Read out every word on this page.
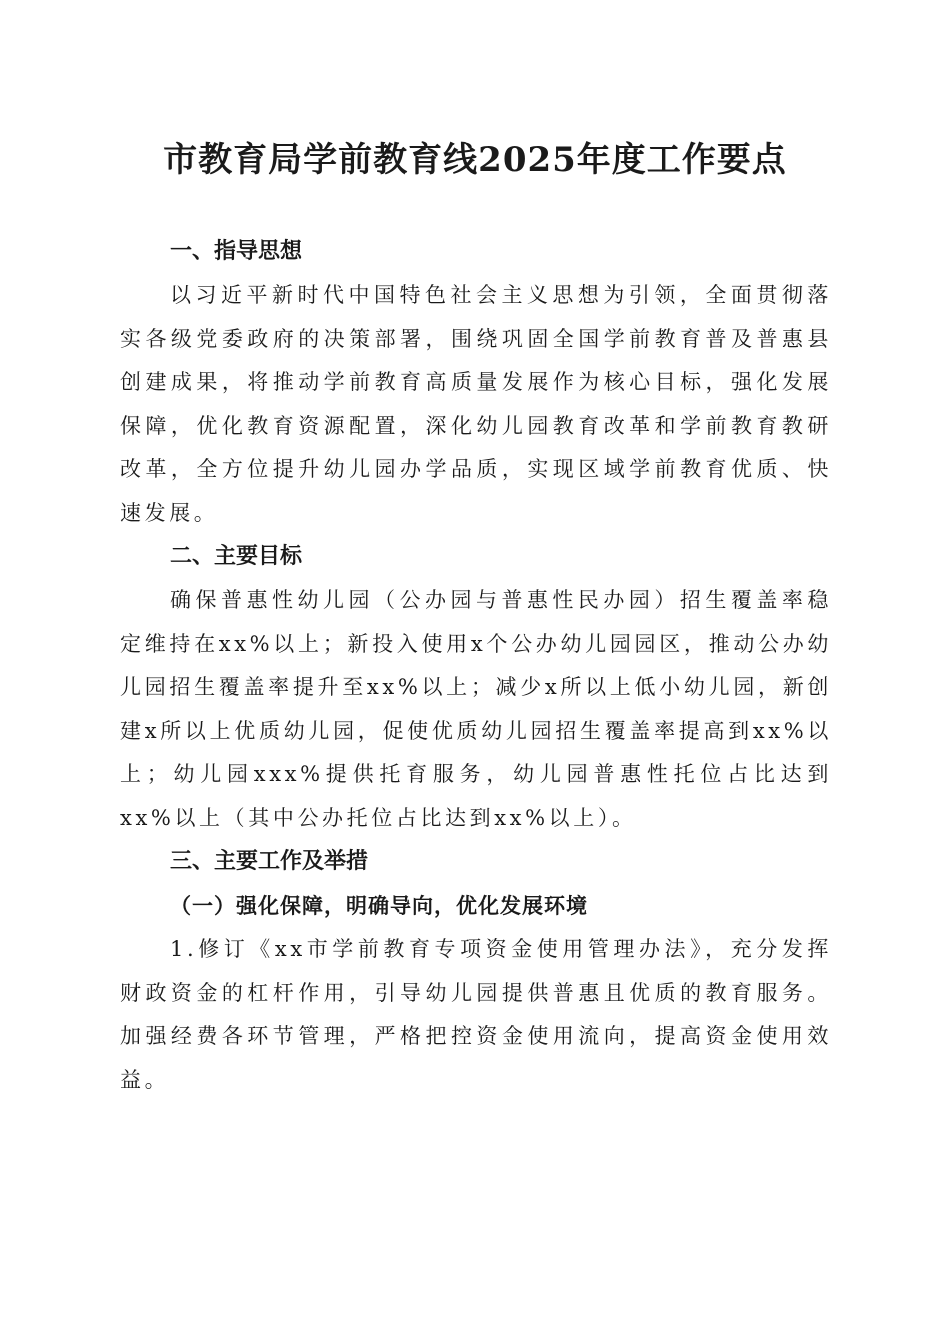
市教育局学前教育线2025年度工作要点
一、指导思想

以习近平新时代中国特色社会主义思想为引领，全面贯彻落实各级党委政府的决策部署，围绕巩固全国学前教育普及普惠县创建成果，将推动学前教育高质量发展作为核心目标，强化发展保障，优化教育资源配置，深化幼儿园教育改革和学前教育教研改革，全方位提升幼儿园办学品质，实现区域学前教育优质、快速发展。

二、主要目标

确保普惠性幼儿园（公办园与普惠性民办园）招生覆盖率稳定维持在xx%以上；新投入使用x个公办幼儿园园区，推动公办幼儿园招生覆盖率提升至xx%以上；减少x所以上低小幼儿园，新创建x所以上优质幼儿园，促使优质幼儿园招生覆盖率提高到xx%以上；幼儿园xxx%提供托育服务，幼儿园普惠性托位占比达到xx%以上（其中公办托位占比达到xx%以上）。

三、主要工作及举措
（一）强化保障，明确导向，优化发展环境

1.修订《xx市学前教育专项资金使用管理办法》，充分发挥财政资金的杠杆作用，引导幼儿园提供普惠且优质的教育服务。加强经费各环节管理，严格把控资金使用流向，提高资金使用效益。
